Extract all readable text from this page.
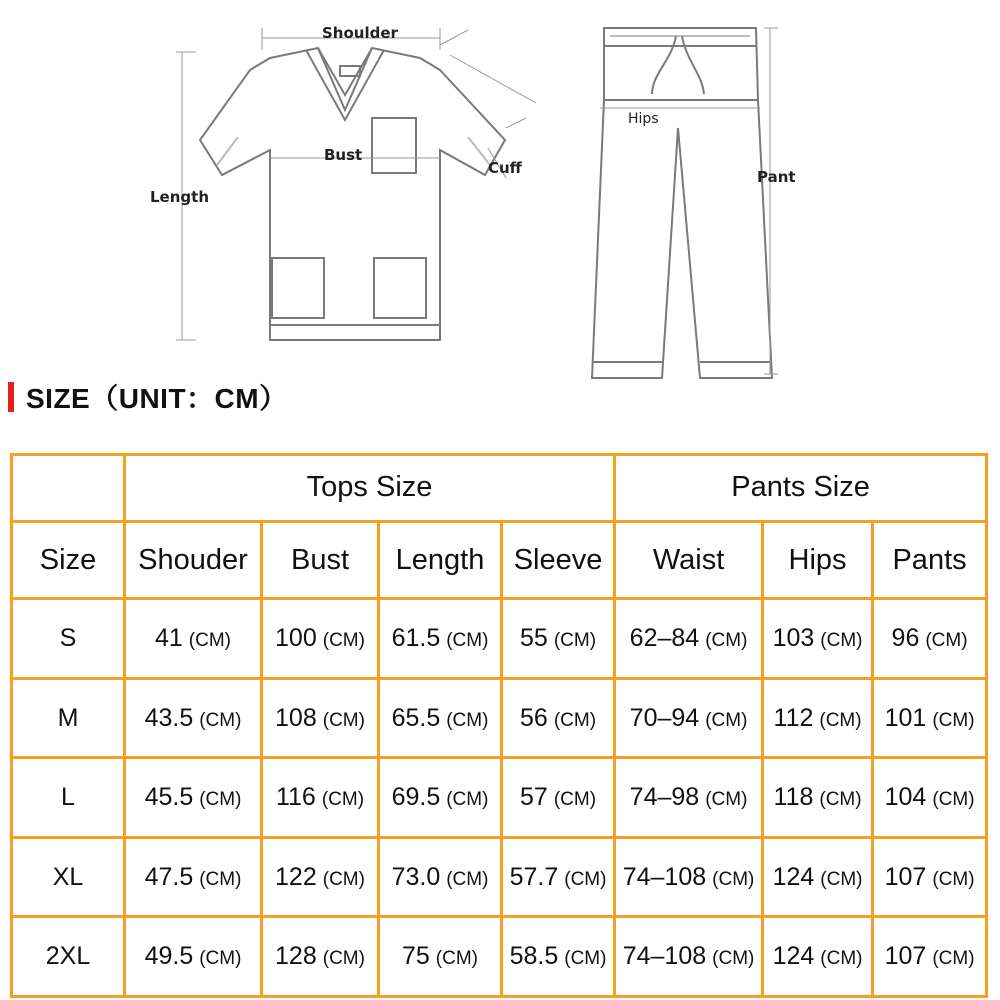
Shoulder
Bust
Cuff
Length
Hips
Pant
SIZE（UNIT：CM）
	Tops Size				Pants Size		
Size	Shouder	Bust	Length	Sleeve	Waist	Hips	Pants
S	41 (CM)	100 (CM)	61.5 (CM)	55 (CM)	62–84 (CM)	103 (CM)	96 (CM)
M	43.5 (CM)	108 (CM)	65.5 (CM)	56 (CM)	70–94 (CM)	112 (CM)	101 (CM)
L	45.5 (CM)	116 (CM)	69.5 (CM)	57 (CM)	74–98 (CM)	118 (CM)	104 (CM)
XL	47.5 (CM)	122 (CM)	73.0 (CM)	57.7 (CM)	74–108 (CM)	124 (CM)	107 (CM)
2XL	49.5 (CM)	128 (CM)	75 (CM)	58.5 (CM)	74–108 (CM)	124 (CM)	107 (CM)
